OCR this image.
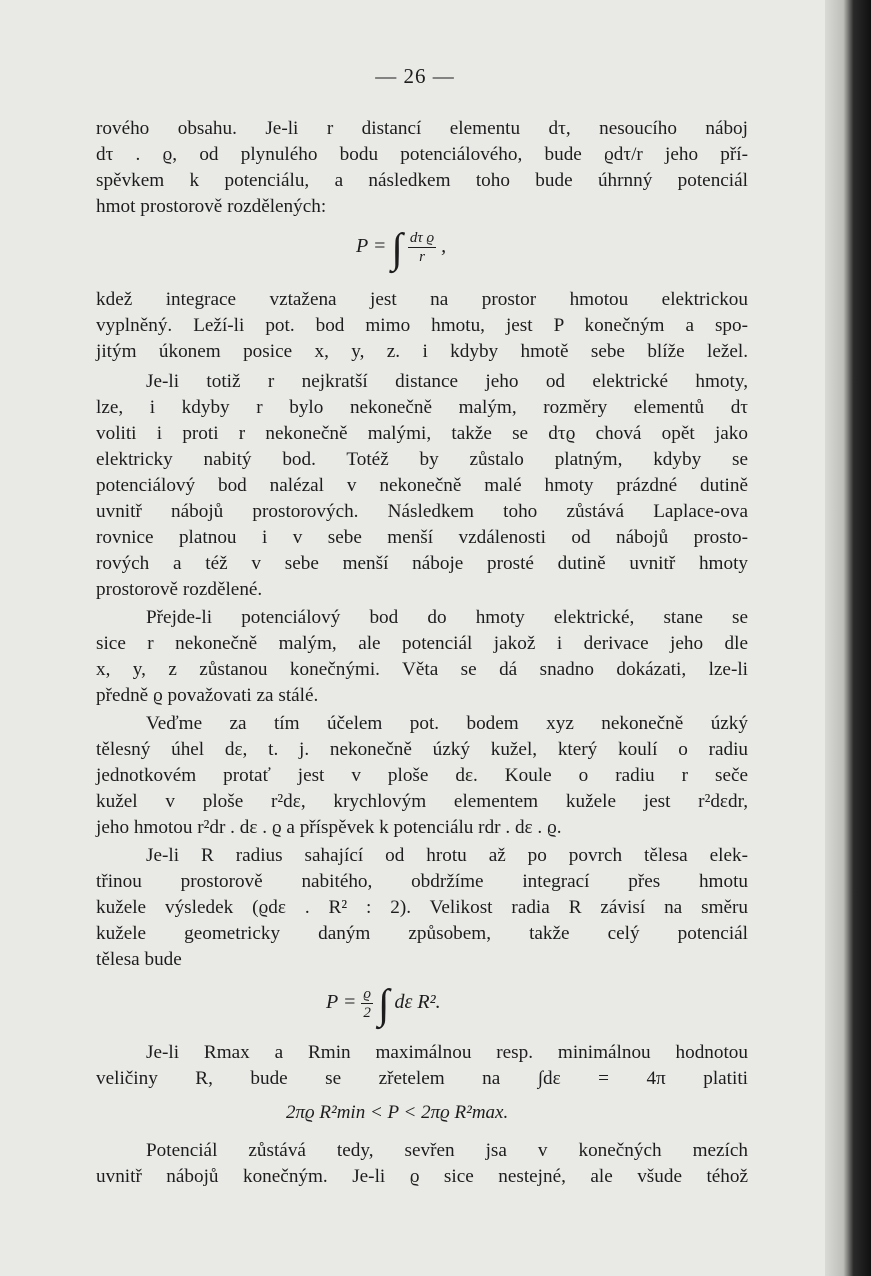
— 26 —
rového obsahu. Je-li r distancí elementu dτ, nesoucího náboj
dτ . ϱ, od plynulého bodu potenciálového, bude ϱdτ/r jeho pří-
spěvkem k potenciálu, a následkem toho bude úhrnný potenciál
hmot prostorově rozdělených:
P = ∫ $\frac{\text{dτ ϱ}}{r}$ ,
kdež integrace vztažena jest na prostor hmotou elektrickou
vyplněný. Leží-li pot. bod mimo hmotu, jest P konečným a spo-
jitým úkonem posice x, y, z. i kdyby hmotě sebe blíže ležel.
Je-li totiž r nejkratší distance jeho od elektrické hmoty,
lze, i kdyby r bylo nekonečně malým, rozměry elementů dτ
voliti i proti r nekonečně malými, takže se dτϱ chová opět jako
elektricky nabitý bod. Totéž by zůstalo platným, kdyby se
potenciálový bod nalézal v nekonečně malé hmoty prázdné dutině
uvnitř nábojů prostorových. Následkem toho zůstává Laplace-ova
rovnice platnou i v sebe menší vzdálenosti od nábojů prosto-
rových a též v sebe menší náboje prosté dutině uvnitř hmoty
prostorově rozdělené.
Přejde-li potenciálový bod do hmoty elektrické, stane se
sice r nekonečně malým, ale potenciál jakož i derivace jeho dle
x, y, z zůstanou konečnými. Věta se dá snadno dokázati, lze-li
předně ϱ považovati za stálé.
Veďme za tím účelem pot. bodem xyz nekonečně úzký
tělesný úhel dε, t. j. nekonečně úzký kužel, který koulí o radiu
jednotkovém protať jest v ploše dε. Koule o radiu r seče
kužel v ploše r²dε, krychlovým elementem kužele jest r²dεdr,
jeho hmotou r²dr . dε . ϱ a příspěvek k potenciálu rdr . dε . ϱ.
Je-li R radius sahající od hrotu až po povrch tělesa elek-
třinou prostorově nabitého, obdržíme integrací přes hmotu
kužele výsledek (ϱdε . R² : 2). Velikost radia R závisí na směru
kužele geometricky daným způsobem, takže celý potenciál
tělesa bude
$P = \frac{ϱ}{2}$ ∫ dε R².
Je-li Rmax a Rmin maximálnou resp. minimálnou hodnotou
veličiny R, bude se zřetelem na ∫dε = 4π platiti
2πϱ R²min < P < 2πϱ R²max.
Potenciál zůstává tedy, sevřen jsa v konečných mezích
uvnitř nábojů konečným. Je-li ϱ sice nestejné, ale všude téhož
